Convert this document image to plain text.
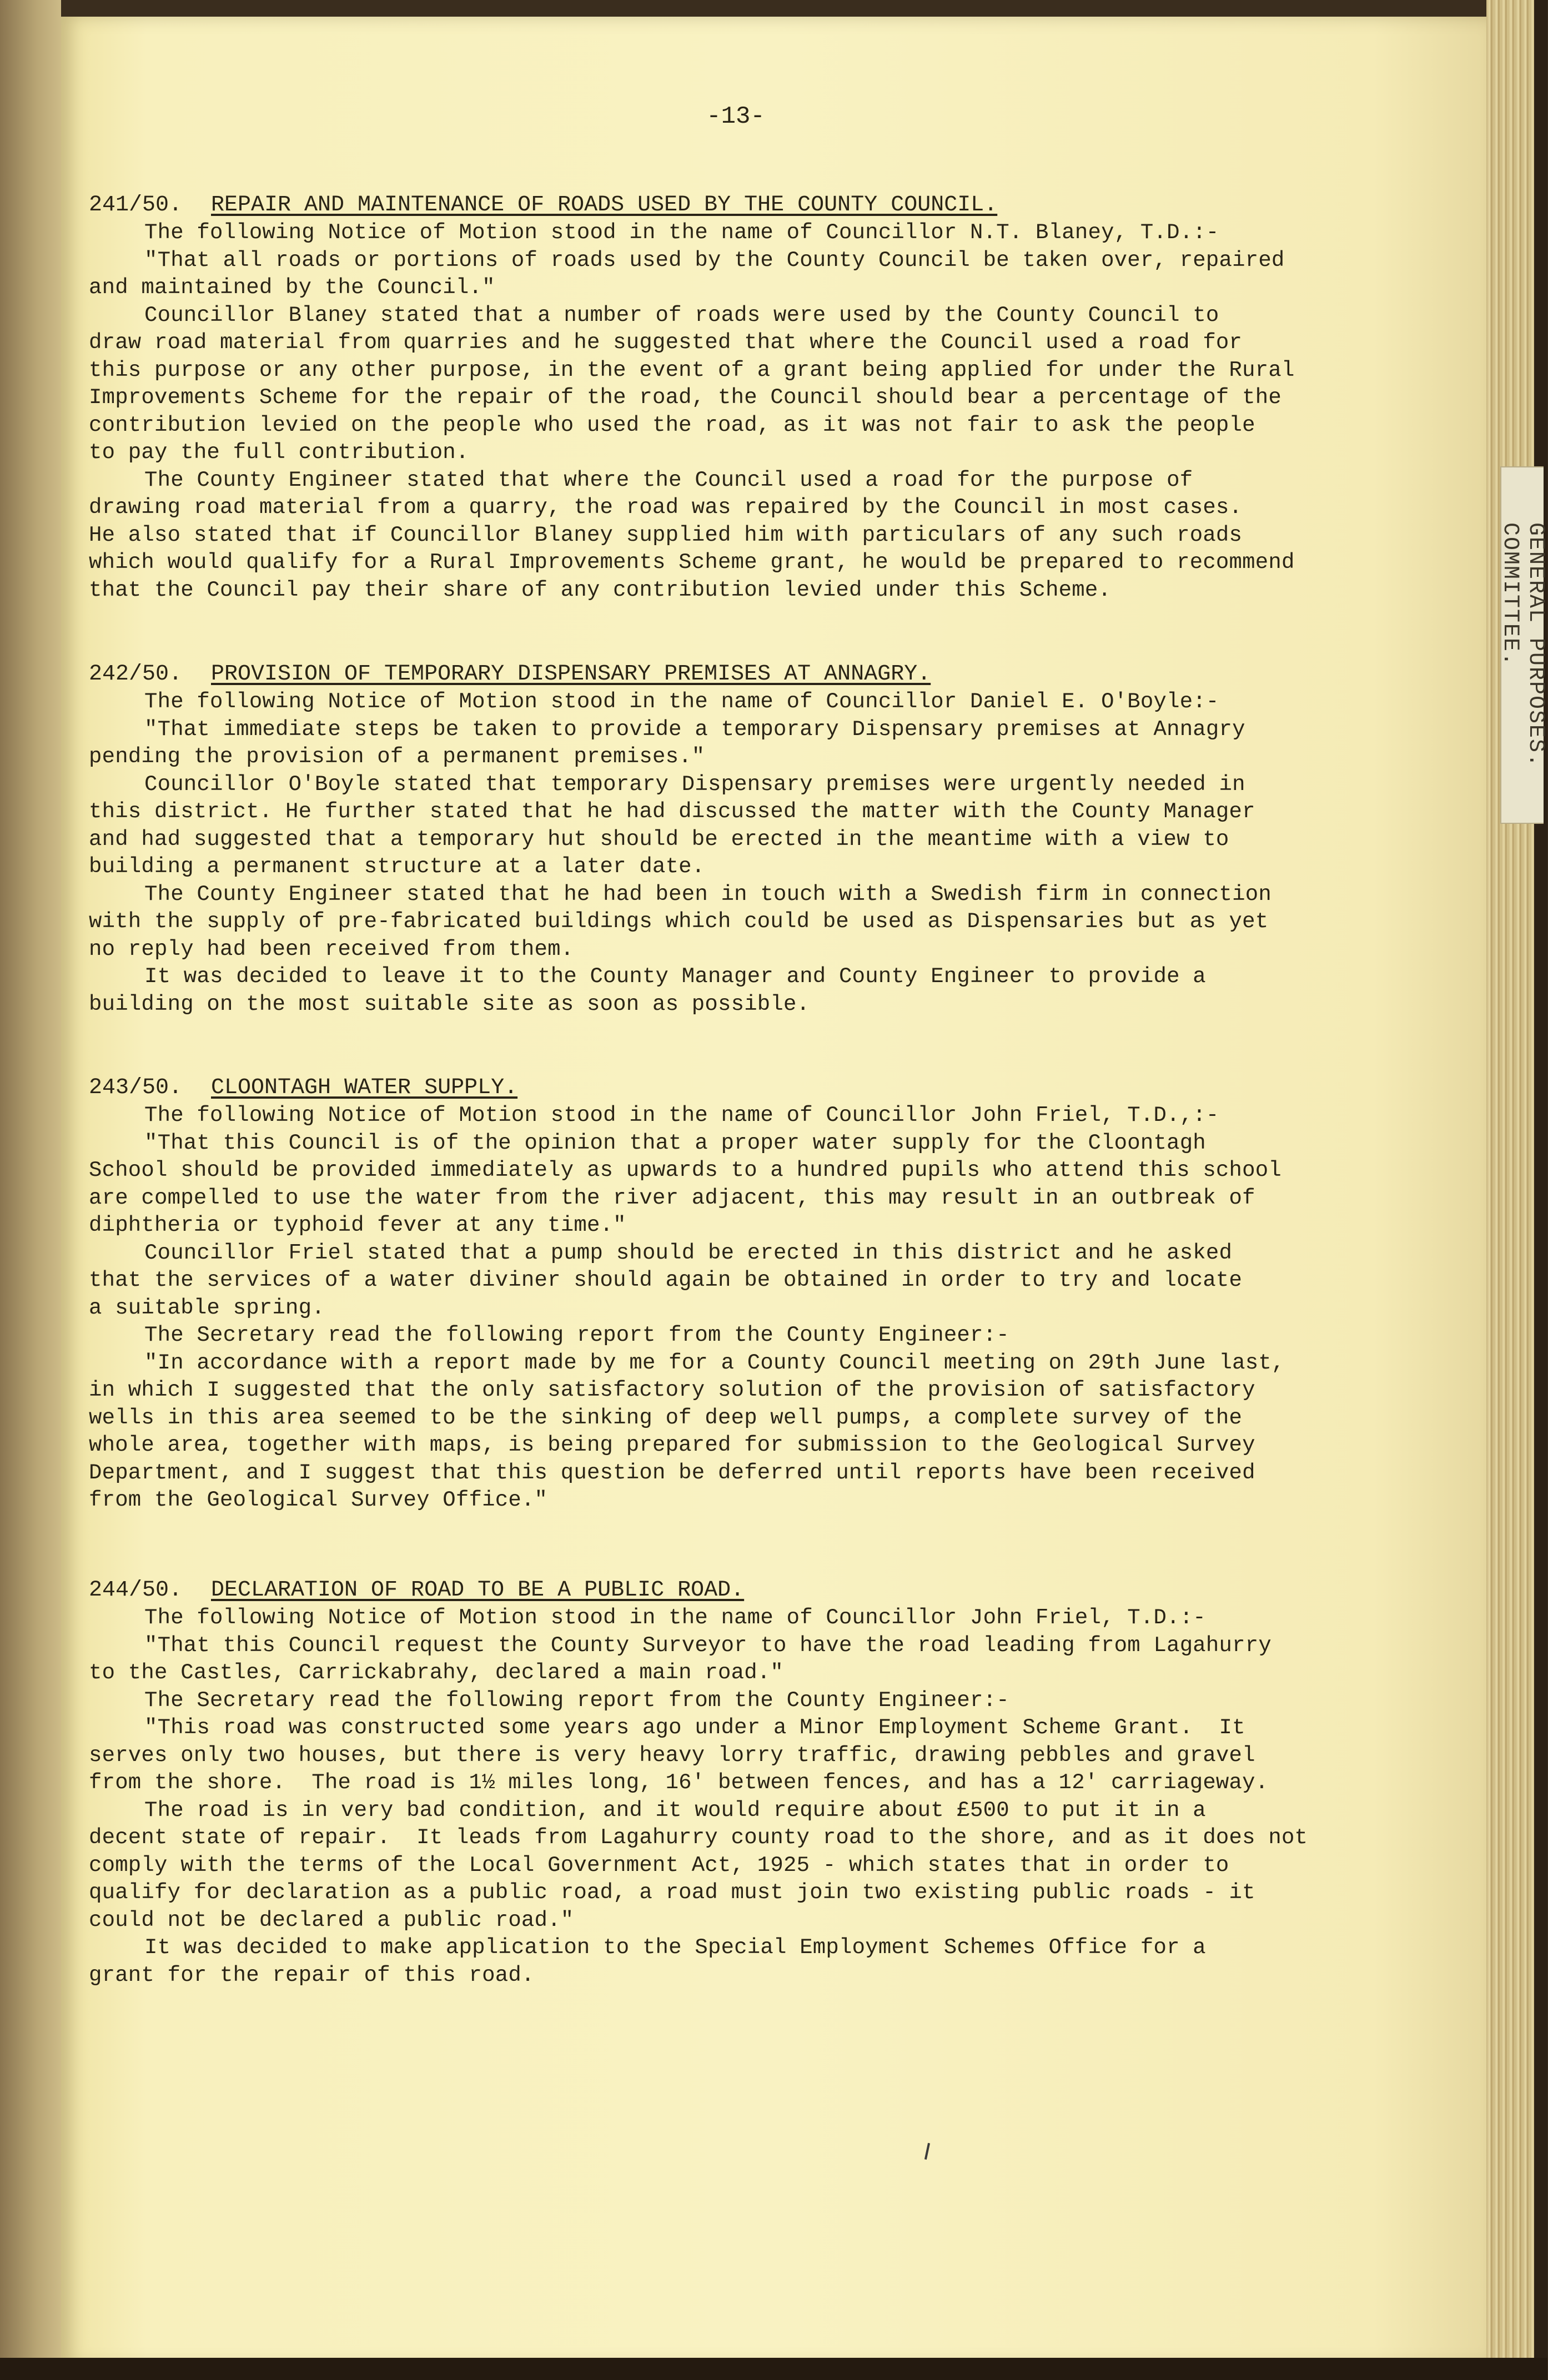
GENERAL PURPOSES.
COMMITTEE.
-13-

241/50. REPAIR AND MAINTENANCE OF ROADS USED BY THE COUNTY COUNCIL.

The following Notice of Motion stood in the name of Councillor N.T. Blaney, T.D.:-

"That all roads or portions of roads used by the County Council be taken over, repaired

and maintained by the Council."

Councillor Blaney stated that a number of roads were used by the County Council to

draw road material from quarries and he suggested that where the Council used a road for

this purpose or any other purpose, in the event of a grant being applied for under the Rural

Improvements Scheme for the repair of the road, the Council should bear a percentage of the

contribution levied on the people who used the road, as it was not fair to ask the people

to pay the full contribution.

The County Engineer stated that where the Council used a road for the purpose of

drawing road material from a quarry, the road was repaired by the Council in most cases.

He also stated that if Councillor Blaney supplied him with particulars of any such roads

which would qualify for a Rural Improvements Scheme grant, he would be prepared to recommend

that the Council pay their share of any contribution levied under this Scheme.

242/50. PROVISION OF TEMPORARY DISPENSARY PREMISES AT ANNAGRY.

The following Notice of Motion stood in the name of Councillor Daniel E. O'Boyle:-

"That immediate steps be taken to provide a temporary Dispensary premises at Annagry

pending the provision of a permanent premises."

Councillor O'Boyle stated that temporary Dispensary premises were urgently needed in

this district. He further stated that he had discussed the matter with the County Manager

and had suggested that a temporary hut should be erected in the meantime with a view to

building a permanent structure at a later date.

The County Engineer stated that he had been in touch with a Swedish firm in connection

with the supply of pre-fabricated buildings which could be used as Dispensaries but as yet

no reply had been received from them.

It was decided to leave it to the County Manager and County Engineer to provide a

building on the most suitable site as soon as possible.

243/50. CLOONTAGH WATER SUPPLY.

The following Notice of Motion stood in the name of Councillor John Friel, T.D.,:-

"That this Council is of the opinion that a proper water supply for the Cloontagh

School should be provided immediately as upwards to a hundred pupils who attend this school

are compelled to use the water from the river adjacent, this may result in an outbreak of

diphtheria or typhoid fever at any time."

Councillor Friel stated that a pump should be erected in this district and he asked

that the services of a water diviner should again be obtained in order to try and locate

a suitable spring.

The Secretary read the following report from the County Engineer:-

"In accordance with a report made by me for a County Council meeting on 29th June last,

in which I suggested that the only satisfactory solution of the provision of satisfactory

wells in this area seemed to be the sinking of deep well pumps, a complete survey of the

whole area, together with maps, is being prepared for submission to the Geological Survey

Department, and I suggest that this question be deferred until reports have been received

from the Geological Survey Office."

244/50. DECLARATION OF ROAD TO BE A PUBLIC ROAD.

The following Notice of Motion stood in the name of Councillor John Friel, T.D.:-

"That this Council request the County Surveyor to have the road leading from Lagahurry

to the Castles, Carrickabrahy, declared a main road."

The Secretary read the following report from the County Engineer:-

"This road was constructed some years ago under a Minor Employment Scheme Grant.  It

serves only two houses, but there is very heavy lorry traffic, drawing pebbles and gravel

from the shore.  The road is 1½ miles long, 16' between fences, and has a 12' carriageway.

The road is in very bad condition, and it would require about £500 to put it in a

decent state of repair.  It leads from Lagahurry county road to the shore, and as it does not

comply with the terms of the Local Government Act, 1925 - which states that in order to

qualify for declaration as a public road, a road must join two existing public roads - it

could not be declared a public road."

It was decided to make application to the Special Employment Schemes Office for a

grant for the repair of this road.
